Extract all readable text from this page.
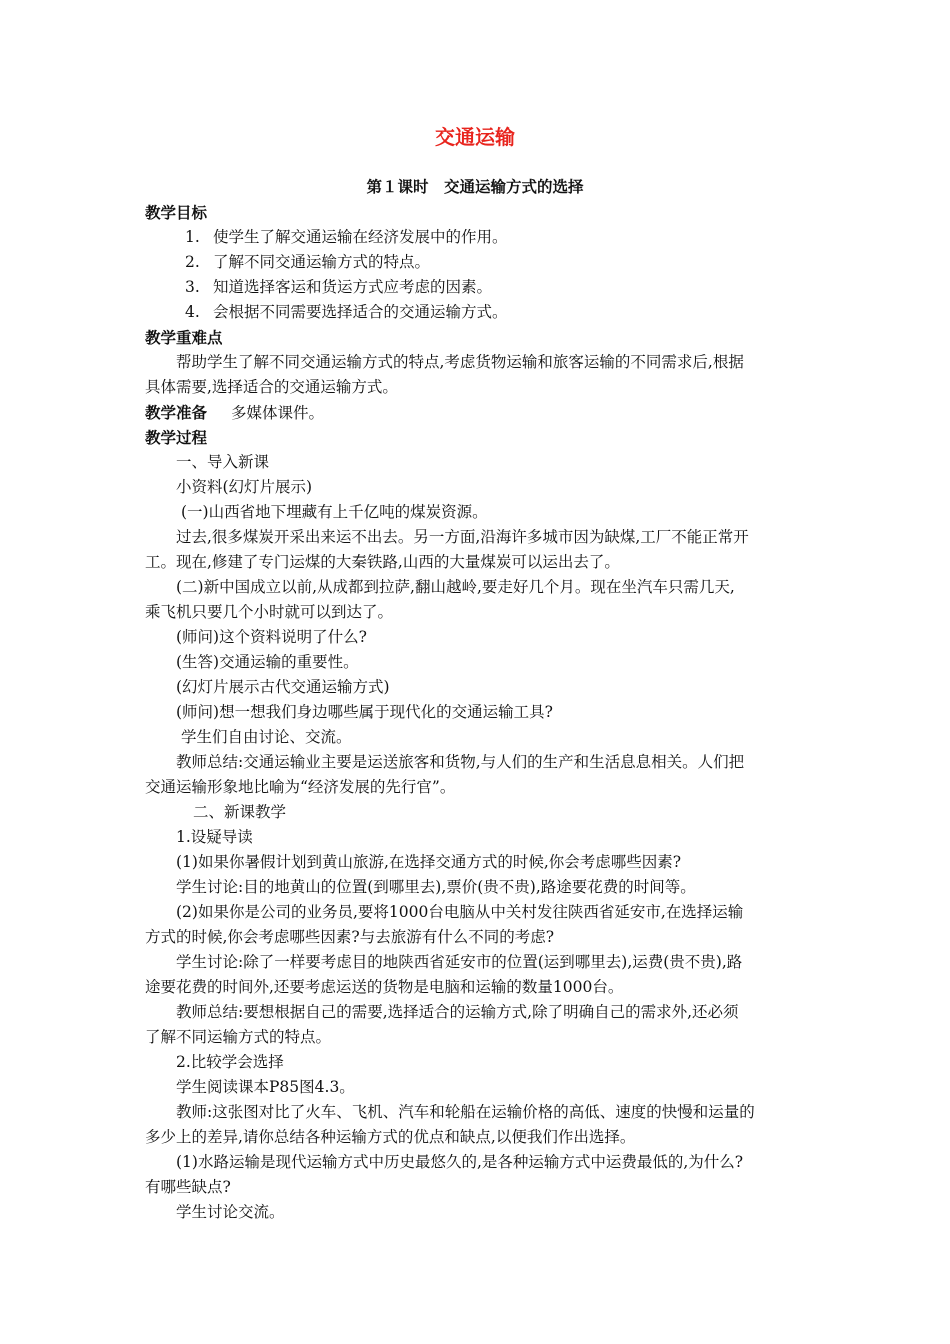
交通运输
第１课时　交通运输方式的选择
教学目标
1. 使学生了解交通运输在经济发展中的作用。
2. 了解不同交通运输方式的特点。
3. 知道选择客运和货运方式应考虑的因素。
4. 会根据不同需要选择适合的交通运输方式。
教学重难点
帮助学生了解不同交通运输方式的特点,考虑货物运输和旅客运输的不同需求后,根据
具体需要,选择适合的交通运输方式。
教学准备 多媒体课件。
教学过程
一、导入新课
小资料(幻灯片展示)
(一)山西省地下埋藏有上千亿吨的煤炭资源。
过去,很多煤炭开采出来运不出去。另一方面,沿海许多城市因为缺煤,工厂不能正常开
工。现在,修建了专门运煤的大秦铁路,山西的大量煤炭可以运出去了。
(二)新中国成立以前,从成都到拉萨,翻山越岭,要走好几个月。现在坐汽车只需几天,
乘飞机只要几个小时就可以到达了。
(师问)这个资料说明了什么?
(生答)交通运输的重要性。
(幻灯片展示古代交通运输方式)
(师问)想一想我们身边哪些属于现代化的交通运输工具?
学生们自由讨论、交流。
教师总结:交通运输业主要是运送旅客和货物,与人们的生产和生活息息相关。人们把
交通运输形象地比喻为“经济发展的先行官”。
二、新课教学
1.设疑导读
(1)如果你暑假计划到黄山旅游,在选择交通方式的时候,你会考虑哪些因素?
学生讨论:目的地黄山的位置(到哪里去),票价(贵不贵),路途要花费的时间等。
(2)如果你是公司的业务员,要将1000台电脑从中关村发往陕西省延安市,在选择运输
方式的时候,你会考虑哪些因素?与去旅游有什么不同的考虑?
学生讨论:除了一样要考虑目的地陕西省延安市的位置(运到哪里去),运费(贵不贵),路
途要花费的时间外,还要考虑运送的货物是电脑和运输的数量1000台。
教师总结:要想根据自己的需要,选择适合的运输方式,除了明确自己的需求外,还必须
了解不同运输方式的特点。
2.比较学会选择
学生阅读课本P85图4.3。
教师:这张图对比了火车、飞机、汽车和轮船在运输价格的高低、速度的快慢和运量的
多少上的差异,请你总结各种运输方式的优点和缺点,以便我们作出选择。
(1)水路运输是现代运输方式中历史最悠久的,是各种运输方式中运费最低的,为什么?
有哪些缺点?
学生讨论交流。
